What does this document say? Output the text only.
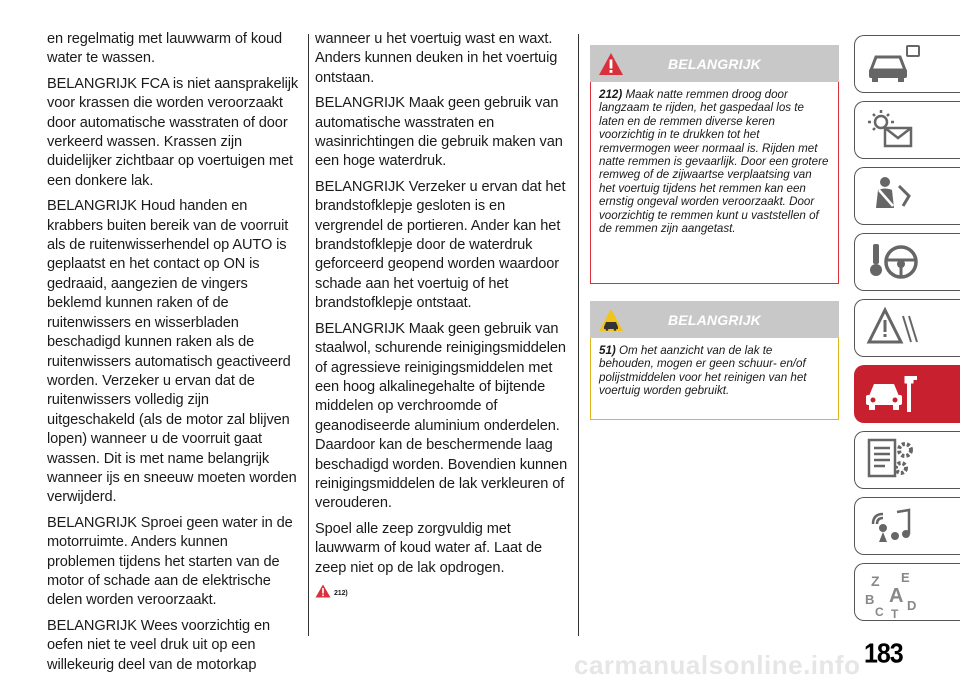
en regelmatig met lauwwarm of koud water te wassen.

BELANGRIJK FCA is niet aansprakelijk voor krassen die worden veroorzaakt door automatische wasstraten of door verkeerd wassen. Krassen zijn duidelijker zichtbaar op voertuigen met een donkere lak.

BELANGRIJK Houd handen en krabbers buiten bereik van de voorruit als de ruitenwisserhendel op AUTO is geplaatst en het contact op ON is gedraaid, aangezien de vingers beklemd kunnen raken of de ruitenwissers en wisserbladen beschadigd kunnen raken als de ruitenwissers automatisch geactiveerd worden. Verzeker u ervan dat de ruitenwissers volledig zijn uitgeschakeld (als de motor zal blijven lopen) wanneer u de voorruit gaat wassen. Dit is met name belangrijk wanneer ijs en sneeuw moeten worden verwijderd.

BELANGRIJK Sproei geen water in de motorruimte. Anders kunnen problemen tijdens het starten van de motor of schade aan de elektrische delen worden veroorzaakt.

BELANGRIJK Wees voorzichtig en oefen niet te veel druk uit op een willekeurig deel van de motorkap

wanneer u het voertuig wast en waxt. Anders kunnen deuken in het voertuig ontstaan.

BELANGRIJK Maak geen gebruik van automatische wasstraten en wasinrichtingen die gebruik maken van een hoge waterdruk.

BELANGRIJK Verzeker u ervan dat het brandstofklepje gesloten is en vergrendel de portieren. Ander kan het brandstofklepje door de waterdruk geforceerd geopend worden waardoor schade aan het voertuig of het brandstofklepje ontstaat.

BELANGRIJK Maak geen gebruik van staalwol, schurende reinigingsmiddelen of agressieve reinigingsmiddelen met een hoog alkalinegehalte of bijtende middelen op verchroomde of geanodiseerde aluminium onderdelen. Daardoor kan de beschermende laag beschadigd worden. Bovendien kunnen reinigingsmiddelen de lak verkleuren of verouderen.

Spoel alle zeep zorgvuldig met lauwwarm of koud water af. Laat de zeep niet op de lak opdrogen.

212)
BELANGRIJK
212) Maak natte remmen droog door langzaam te rijden, het gaspedaal los te laten en de remmen diverse keren voorzichtig in te drukken tot het remvermogen weer normaal is. Rijden met natte remmen is gevaarlijk. Door een grotere remweg of de zijwaartse verplaatsing van het voertuig tijdens het remmen kan een ernstig ongeval worden veroorzaakt. Door voorzichtig te remmen kunt u vaststellen of de remmen zijn aangetast.
BELANGRIJK
51) Om het aanzicht van de lak te behouden, mogen er geen schuur- en/of polijstmiddelen voor het reinigen van het voertuig worden gebruikt.
Z E
B A D
C T
carmanualsonline.info 183
